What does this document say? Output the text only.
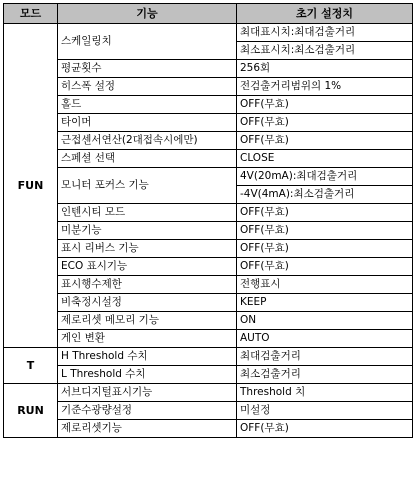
모드	기능	초기 설정치
FUN	스케일링치	최대표시치:최대검출거리
		최소표시치:최소검출거리
	평균횟수	256회
	히스폭 설정	전검출거리범위의 1%
	홀드	OFF(무효)
	타이머	OFF(무효)
	근접센서연산(2대접속시에만)	OFF(무효)
	스페셜 선택	CLOSE
	모니터 포커스 기능	4V(20mA):최대검출거리
		-4V(4mA):최소검출거리
	인텐시티 모드	OFF(무효)
	미분기능	OFF(무효)
	표시 리버스 기능	OFF(무효)
	ECO 표시기능	OFF(무효)
	표시행수제한	전행표시
	비축정시설정	KEEP
	제로리셋 메모리 기능	ON
	게인 변환	AUTO
T	H Threshold 수치	최대검출거리
	L Threshold 수치	최소검출거리
RUN	서브디지털표시기능	Threshold 치
	기준수광량설정	미설정
	제로리셋기능	OFF(무효)
